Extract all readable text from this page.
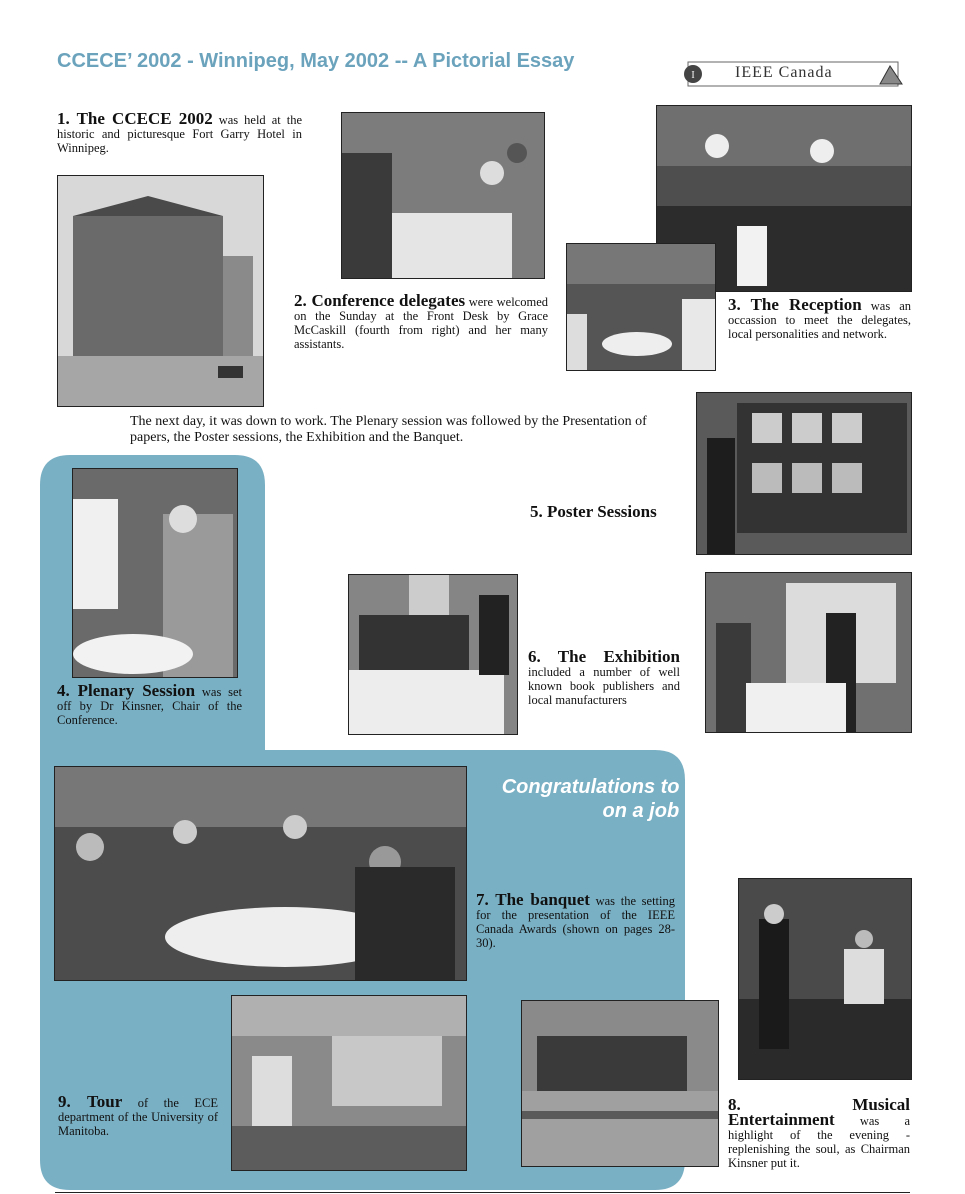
CCECE’ 2002 - Winnipeg, May 2002 -- A Pictorial Essay
I	IEEE Canada
1. The CCECE 2002 was held at the historic and picturesque Fort Garry Hotel in Winnipeg.
2. Conference delegates were welcomed on the Sunday at the Front Desk by Grace McCaskill (fourth from right) and her many assistants.
3. The Reception was an occassion to meet the delegates, local personalities and network.
The next day, it was down to work. The Plenary session was followed by the Presentation of papers, the Poster sessions, the Exhibition and the Banquet.
5. Poster Sessions
4. Plenary Session was set off by Dr Kinsner, Chair of the Conference.
6. The Exhibition included a number of well known book publishers and local manufacturers
Congratulations to the Organising Team
on a job well done!
7. The banquet was the setting for the presentation of the IEEE Canada Awards (shown on pages 28-30).
8. Musical Entertainment was a highlight of the evening - replenishing the soul, as Chairman Kinsner put it.
9. Tour of the ECE department of the University of Manitoba.
